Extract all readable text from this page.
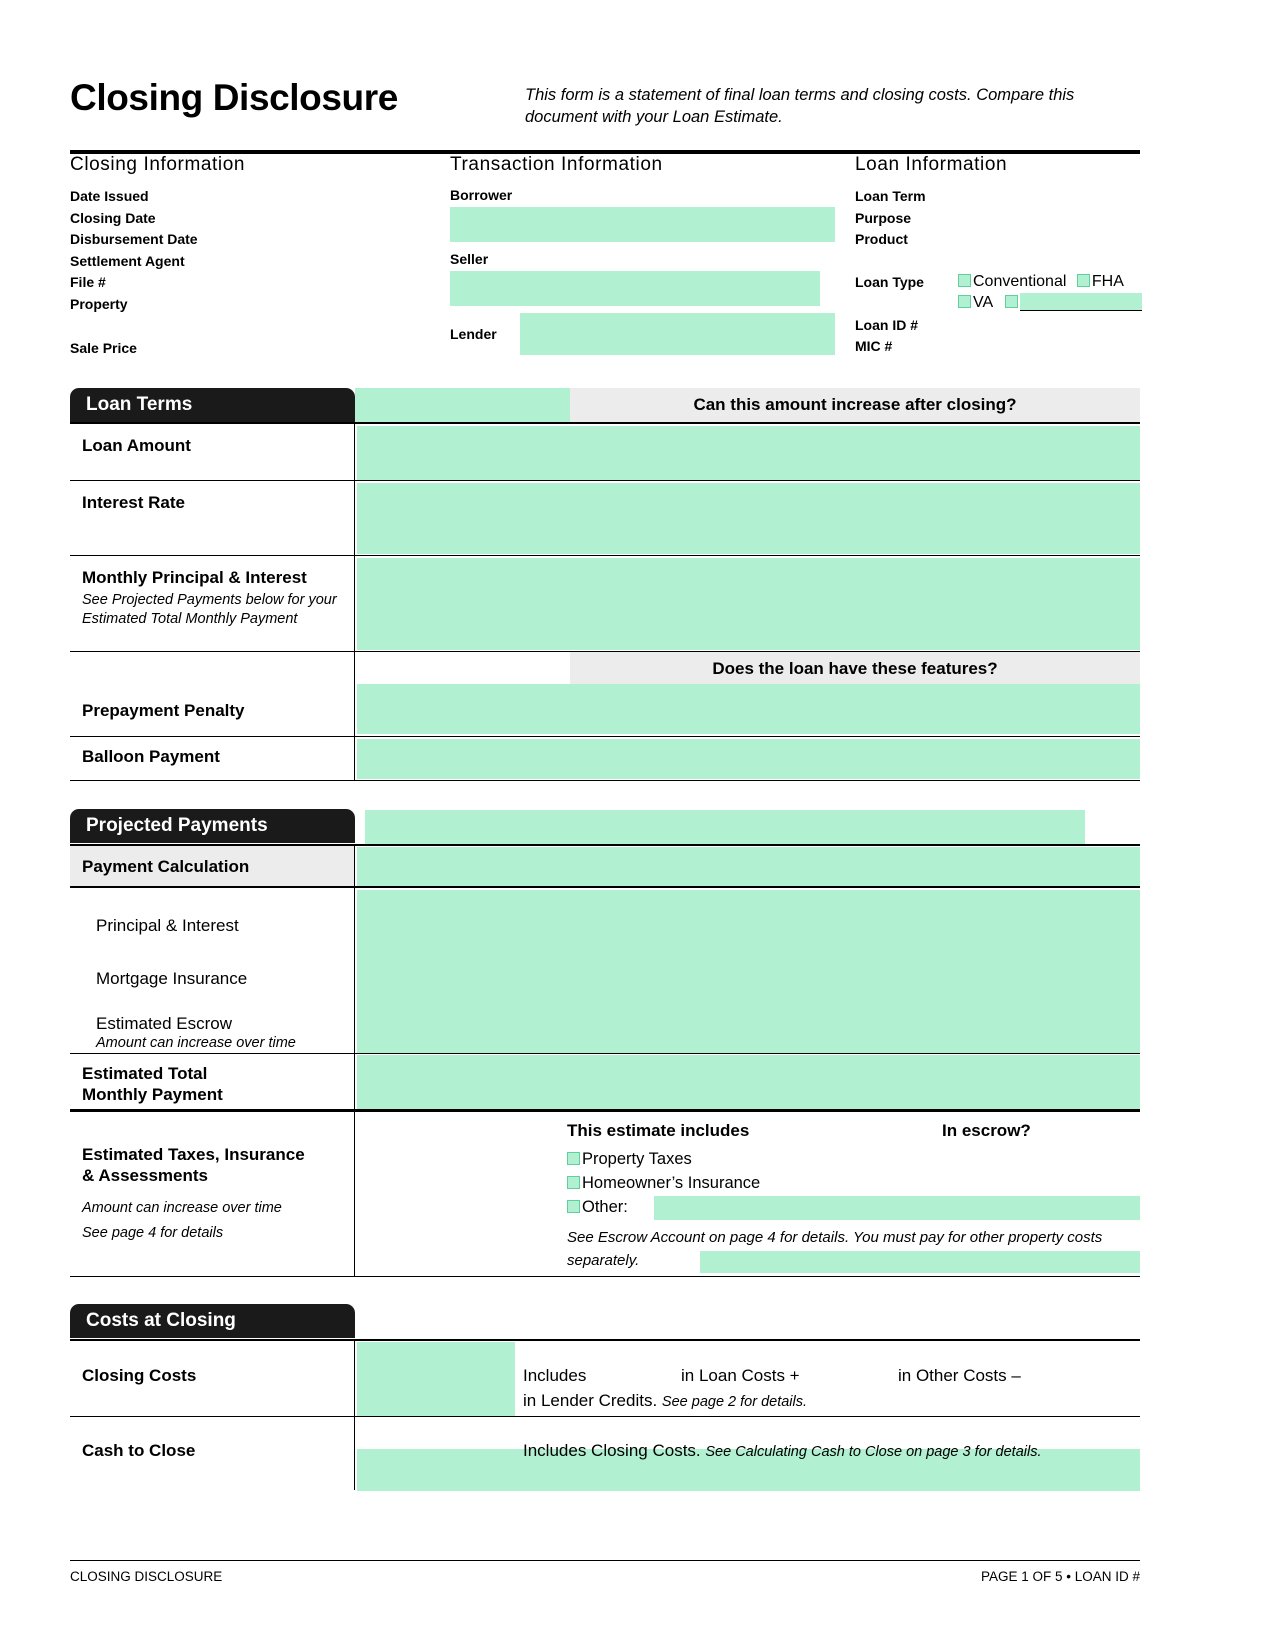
Closing Disclosure	This form is a statement of final loan terms and closing costs. Compare this document with your Loan Estimate.
Closing Information
Date Issued
Closing Date
Disbursement Date
Settlement Agent
File #
Property
Sale Price
Transaction Information
Borrower
Seller
Lender
Loan Information
Loan Term
Purpose
Product
Loan Type	Conventional FHA
VA
Loan ID #
MIC #
Loan Terms	Can this amount increase after closing?
Loan Amount
Interest Rate
Monthly Principal & Interest
See Projected Payments below for your Estimated Total Monthly Payment
Does the loan have these features?
Prepayment Penalty
Balloon Payment
Projected Payments
Payment Calculation
Principal & Interest
Mortgage Insurance
Estimated Escrow
Amount can increase over time
Estimated Total
Monthly Payment
Estimated Taxes, Insurance
& Assessments
Amount can increase over time
See page 4 for details
This estimate includes	In escrow?
Property Taxes
Homeowner’s Insurance
Other:
See Escrow Account on page 4 for details. You must pay for other property costs separately.
Costs at Closing
Closing Costs	Includes	in Loan Costs +	in Other Costs –
in Lender Credits. See page 2 for details.
Cash to Close	Includes Closing Costs. See Calculating Cash to Close on page 3 for details.
CLOSING DISCLOSURE	PAGE 1 OF 5 • LOAN ID #
